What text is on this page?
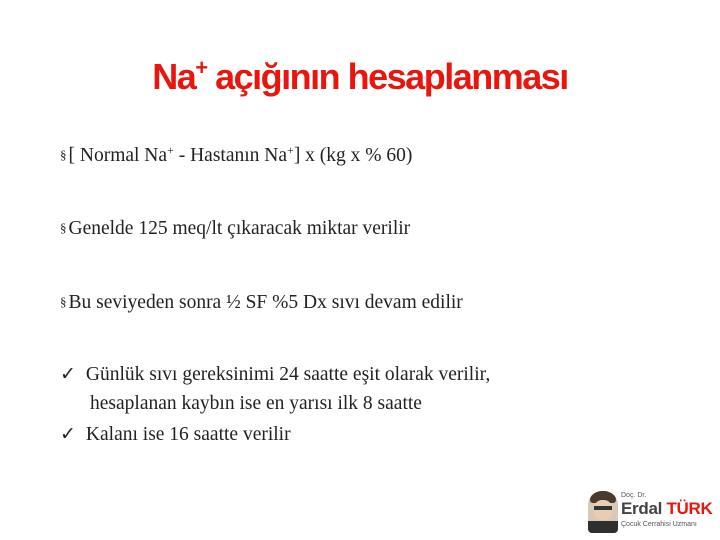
Na+ açığının hesaplanması
§ [ Normal Na+ - Hastanın Na+] x (kg x % 60)
§ Genelde 125 meq/lt çıkaracak miktar verilir
§ Bu seviyeden sonra ½ SF %5 Dx sıvı devam edilir
✓ Günlük sıvı gereksinimi 24 saatte eşit olarak verilir,
hesaplanan kaybın ise en yarısı ilk 8 saatte
✓ Kalanı ise 16 saatte verilir
Doç. Dr.
Erdal TÜRK
Çocuk Cerrahisi Uzmanı
